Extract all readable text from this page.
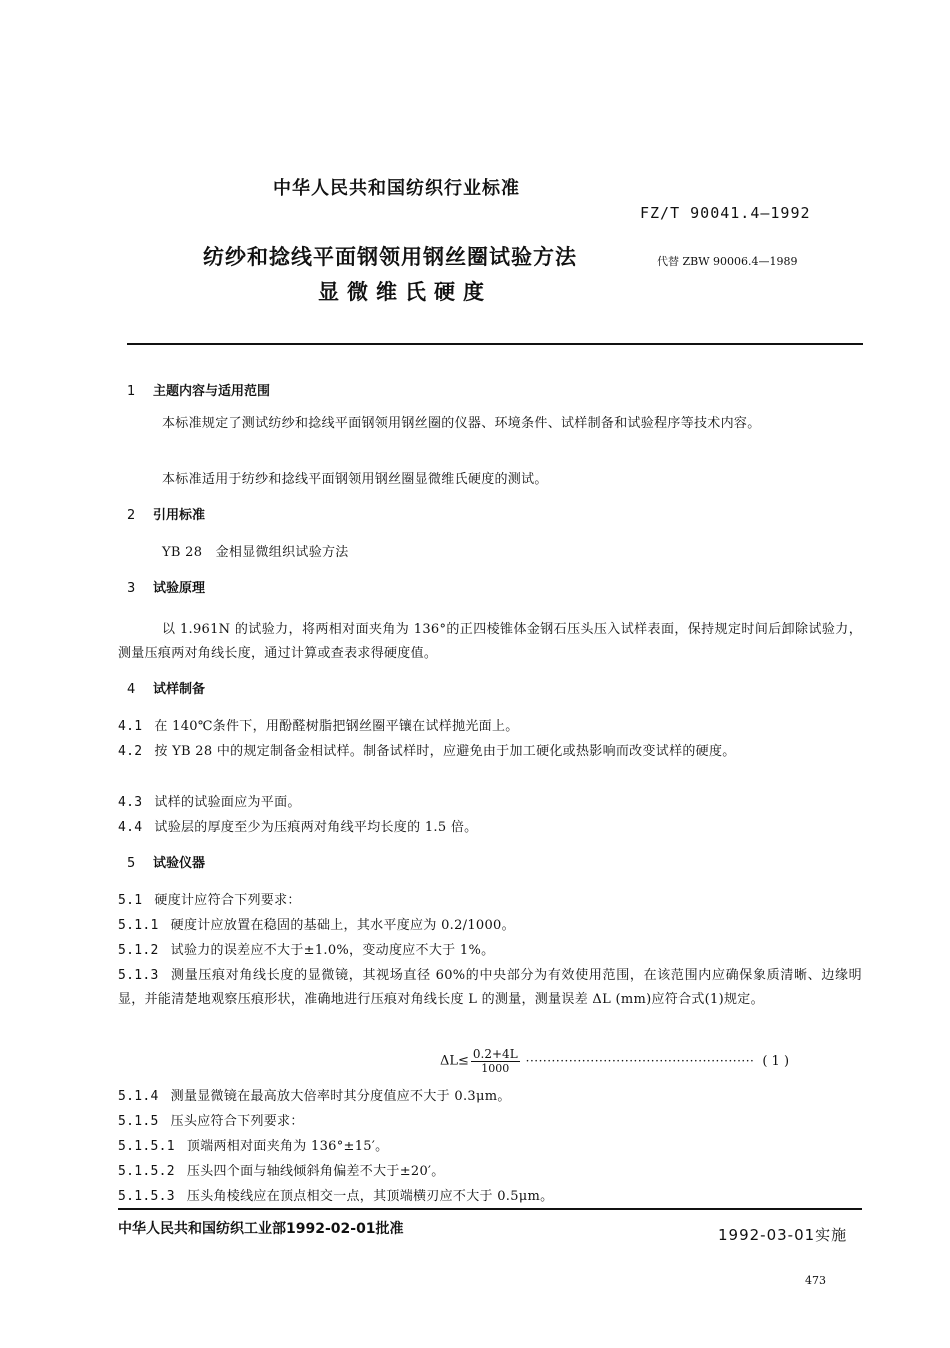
中华人民共和国纺织行业标准
FZ/T 90041.4—1992
纺纱和捻线平面钢领用钢丝圈试验方法
显微维氏硬度
代替 ZBW 90006.4—1989
1 主题内容与适用范围
本标准规定了测试纺纱和捻线平面钢领用钢丝圈的仪器、环境条件、试样制备和试验程序等技术内容。
本标准适用于纺纱和捻线平面钢领用钢丝圈显微维氏硬度的测试。
2 引用标准
YB 28   金相显微组织试验方法
3 试验原理
以 1.961N 的试验力，将两相对面夹角为 136°的正四棱锥体金钢石压头压入试样表面，保持规定时间后卸除试验力，测量压痕两对角线长度，通过计算或查表求得硬度值。
4 试样制备
4.1 在 140℃条件下，用酚醛树脂把钢丝圈平镶在试样抛光面上。
4.2 按 YB 28 中的规定制备金相试样。制备试样时，应避免由于加工硬化或热影响而改变试样的硬度。
4.3 试样的试验面应为平面。
4.4 试验层的厚度至少为压痕两对角线平均长度的 1.5 倍。
5 试验仪器
5.1 硬度计应符合下列要求：
5.1.1 硬度计应放置在稳固的基础上，其水平度应为 0.2/1000。
5.1.2 试验力的误差应不大于±1.0%，变动度应不大于 1%。
5.1.3 测量压痕对角线长度的显微镜，其视场直径 60%的中央部分为有效使用范围，在该范围内应确保象质清晰、边缘明显，并能清楚地观察压痕形状，准确地进行压痕对角线长度 L 的测量，测量误差 ΔL (mm)应符合式(1)规定。
$\Delta L\le \frac{0.2+4L}{1000}$ ····················································· ( 1 )
5.1.4 测量显微镜在最高放大倍率时其分度值应不大于 0.3μm。
5.1.5 压头应符合下列要求：
5.1.5.1 顶端两相对面夹角为 136°±15′。
5.1.5.2 压头四个面与轴线倾斜角偏差不大于±20′。
5.1.5.3 压头角棱线应在顶点相交一点，其顶端横刃应不大于 0.5μm。
中华人民共和国纺织工业部1992-02-01批准	1992-03-01实施
473
